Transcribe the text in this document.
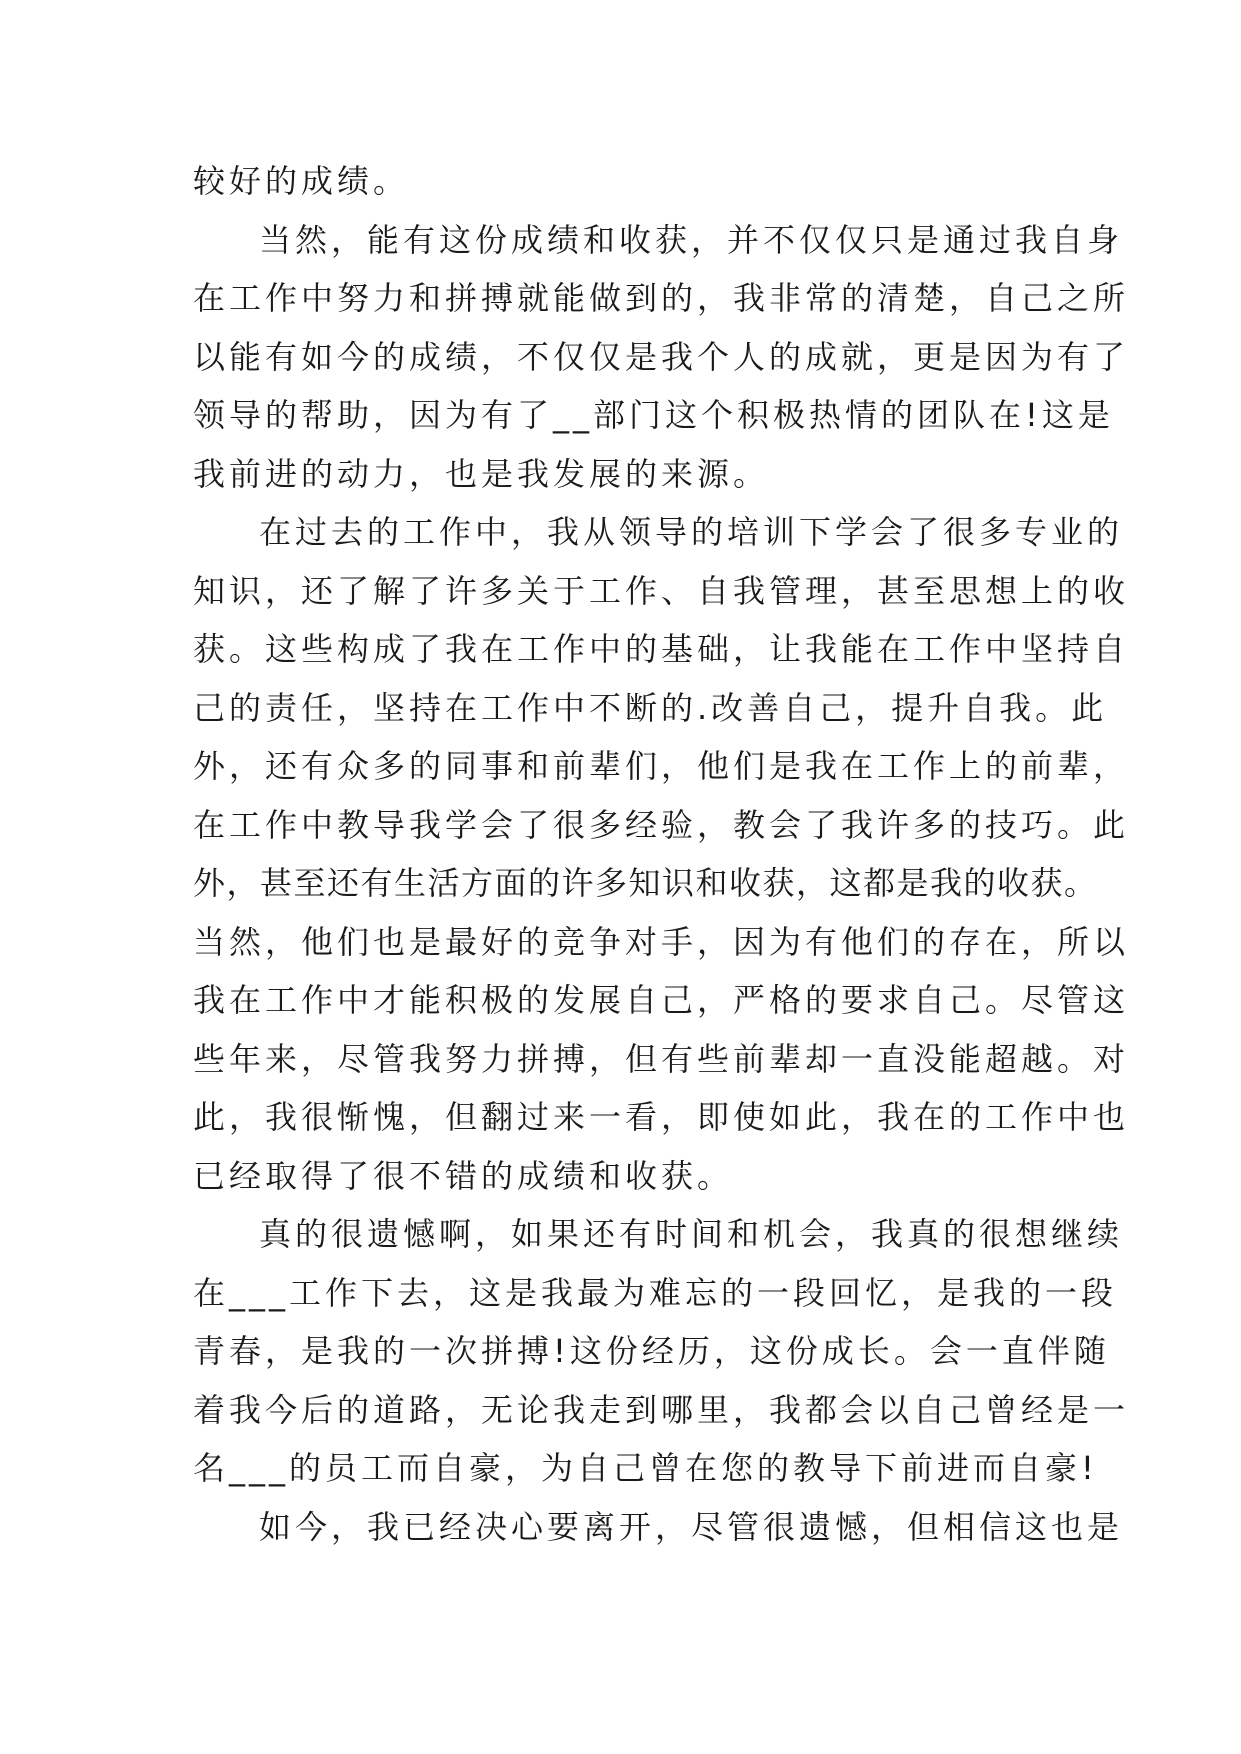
较好的成绩。
当然，能有这份成绩和收获，并不仅仅只是通过我自身
在工作中努力和拼搏就能做到的，我非常的清楚，自己之所
以能有如今的成绩，不仅仅是我个人的成就，更是因为有了
领导的帮助，因为有了__部门这个积极热情的团队在!这是
我前进的动力，也是我发展的来源。
在过去的工作中，我从领导的培训下学会了很多专业的
知识，还了解了许多关于工作、自我管理，甚至思想上的收
获。这些构成了我在工作中的基础，让我能在工作中坚持自
己的责任，坚持在工作中不断的.改善自己，提升自我。此
外，还有众多的同事和前辈们，他们是我在工作上的前辈，
在工作中教导我学会了很多经验，教会了我许多的技巧。此
外，甚至还有生活方面的许多知识和收获，这都是我的收获。
当然，他们也是最好的竞争对手，因为有他们的存在，所以
我在工作中才能积极的发展自己，严格的要求自己。尽管这
些年来，尽管我努力拼搏，但有些前辈却一直没能超越。对
此，我很惭愧，但翻过来一看，即使如此，我在的工作中也
已经取得了很不错的成绩和收获。
真的很遗憾啊，如果还有时间和机会，我真的很想继续
在___工作下去，这是我最为难忘的一段回忆，是我的一段
青春，是我的一次拼搏!这份经历，这份成长。会一直伴随
着我今后的道路，无论我走到哪里，我都会以自己曾经是一
名___的员工而自豪，为自己曾在您的教导下前进而自豪!
如今，我已经决心要离开，尽管很遗憾，但相信这也是
